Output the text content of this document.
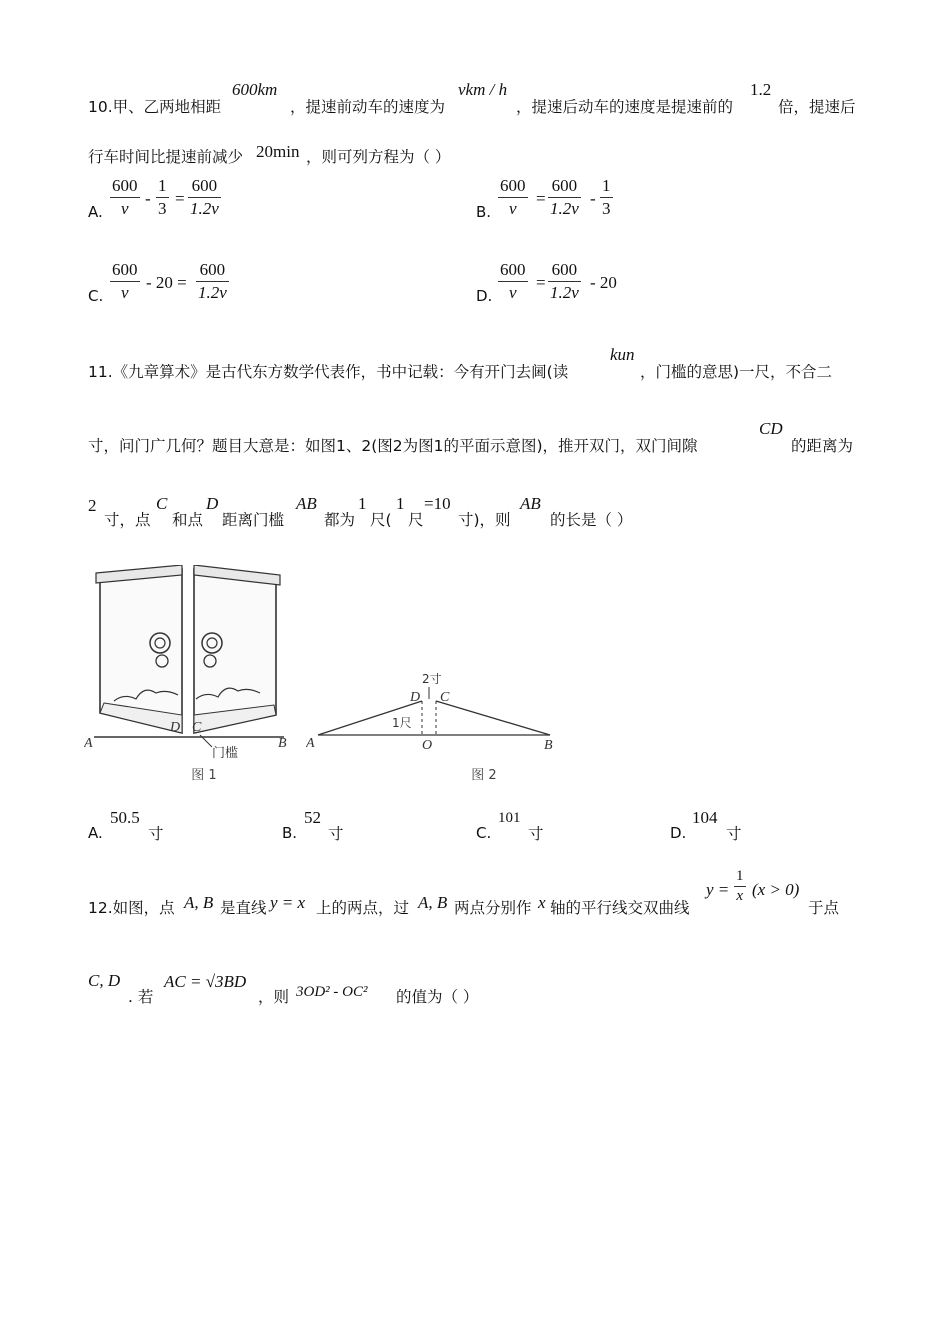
10.甲、乙两地相距
600km
，提速前动车的速度为
vkm / h
，提速后动车的速度是提速前的
1.2
倍，提速后
行车时间比提速前减少 20min ，则可列方程为（ ）
A.
600
v
-
1
3
=
600
1.2v	B.
600
v
=
600
1.2v
-
1
3
C.
600
v
- 20 =
600
1.2v	D.
600
v
=
600
1.2v
- 20
11.《九章算术》是古代东方数学代表作，书中记载：今有开门去阃(读
kun
，门槛的意思)一尺，不合二
寸，问门广几何？题目大意是：如图1、2(图2为图1的平面示意图)，推开双门，双门间隙
CD
的距离为
2
寸，点
C
和点
D
距离门槛
AB
都为
1
尺(
1
尺
=10
寸)，则
AB
的长是（ ）
A
D C
B
门槛
图 1
2寸
D C
1尺
A	O	B
图 2
A.
50.5
寸	B.
52
寸	C.
101
寸	D.
104
寸
12.如图，点 A, B 是直线 y = x 上的两点，过 A, B 两点分别作 x 轴的平行线交双曲线
y =
1
x (x > 0)
于点
C, D
. 若
AC = √3BD
，则 3OD² - OC² 的值为（ ）
